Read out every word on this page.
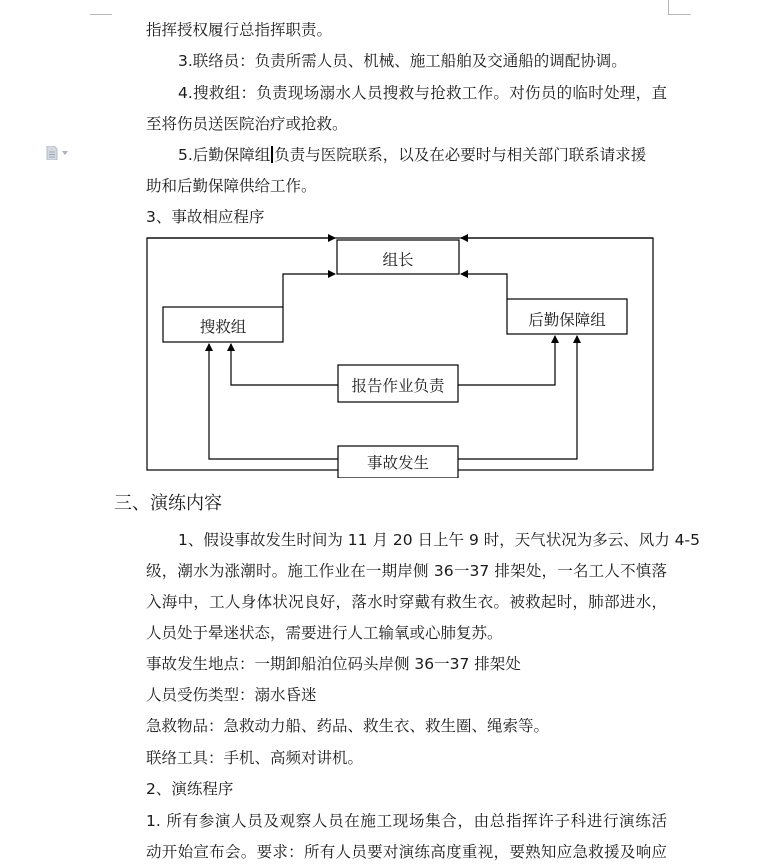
指挥授权履行总指挥职责。
3.联络员：负责所需人员、机械、施工船舶及交通船的调配协调。
4.搜救组：负责现场溺水人员搜救与抢救工作。对伤员的临时处理，直
至将伤员送医院治疗或抢救。
5.后勤保障组 负责与医院联系，以及在必要时与相关部门联系请求援
助和后勤保障供给工作。
3、事故相应程序
组长
搜救组	后勤保障组
报告作业负责
事故发生
三、演练内容
1、假设事故发生时间为 11 月 20 日上午 9 时，天气状况为多云、风力 4-5
级，潮水为涨潮时。施工作业在一期岸侧 36一37 排架处，一名工人不慎落
入海中，工人身体状况良好，落水时穿戴有救生衣。被救起时，肺部进水，
人员处于晕迷状态，需要进行人工输氧或心肺复苏。
事故发生地点：一期卸船泊位码头岸侧 36一37 排架处
人员受伤类型：溺水昏迷
急救物品：急救动力船、药品、救生衣、救生圈、绳索等。
联络工具：手机、高频对讲机。
2、演练程序
1. 所有参演人员及观察人员在施工现场集合，由总指挥许子科进行演练活
动开始宣布会。要求：所有人员要对演练高度重视，要熟知应急救援及响应
